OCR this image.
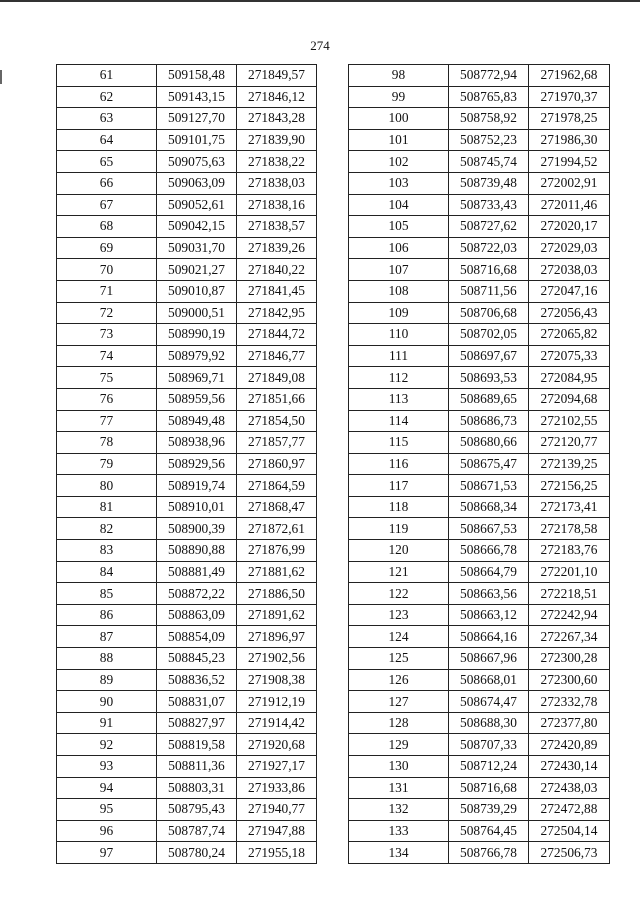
274
61	509158,48	271849,57
62	509143,15	271846,12
63	509127,70	271843,28
64	509101,75	271839,90
65	509075,63	271838,22
66	509063,09	271838,03
67	509052,61	271838,16
68	509042,15	271838,57
69	509031,70	271839,26
70	509021,27	271840,22
71	509010,87	271841,45
72	509000,51	271842,95
73	508990,19	271844,72
74	508979,92	271846,77
75	508969,71	271849,08
76	508959,56	271851,66
77	508949,48	271854,50
78	508938,96	271857,77
79	508929,56	271860,97
80	508919,74	271864,59
81	508910,01	271868,47
82	508900,39	271872,61
83	508890,88	271876,99
84	508881,49	271881,62
85	508872,22	271886,50
86	508863,09	271891,62
87	508854,09	271896,97
88	508845,23	271902,56
89	508836,52	271908,38
90	508831,07	271912,19
91	508827,97	271914,42
92	508819,58	271920,68
93	508811,36	271927,17
94	508803,31	271933,86
95	508795,43	271940,77
96	508787,74	271947,88
97	508780,24	271955,18
98	508772,94	271962,68
99	508765,83	271970,37
100	508758,92	271978,25
101	508752,23	271986,30
102	508745,74	271994,52
103	508739,48	272002,91
104	508733,43	272011,46
105	508727,62	272020,17
106	508722,03	272029,03
107	508716,68	272038,03
108	508711,56	272047,16
109	508706,68	272056,43
110	508702,05	272065,82
111	508697,67	272075,33
112	508693,53	272084,95
113	508689,65	272094,68
114	508686,73	272102,55
115	508680,66	272120,77
116	508675,47	272139,25
117	508671,53	272156,25
118	508668,34	272173,41
119	508667,53	272178,58
120	508666,78	272183,76
121	508664,79	272201,10
122	508663,56	272218,51
123	508663,12	272242,94
124	508664,16	272267,34
125	508667,96	272300,28
126	508668,01	272300,60
127	508674,47	272332,78
128	508688,30	272377,80
129	508707,33	272420,89
130	508712,24	272430,14
131	508716,68	272438,03
132	508739,29	272472,88
133	508764,45	272504,14
134	508766,78	272506,73
